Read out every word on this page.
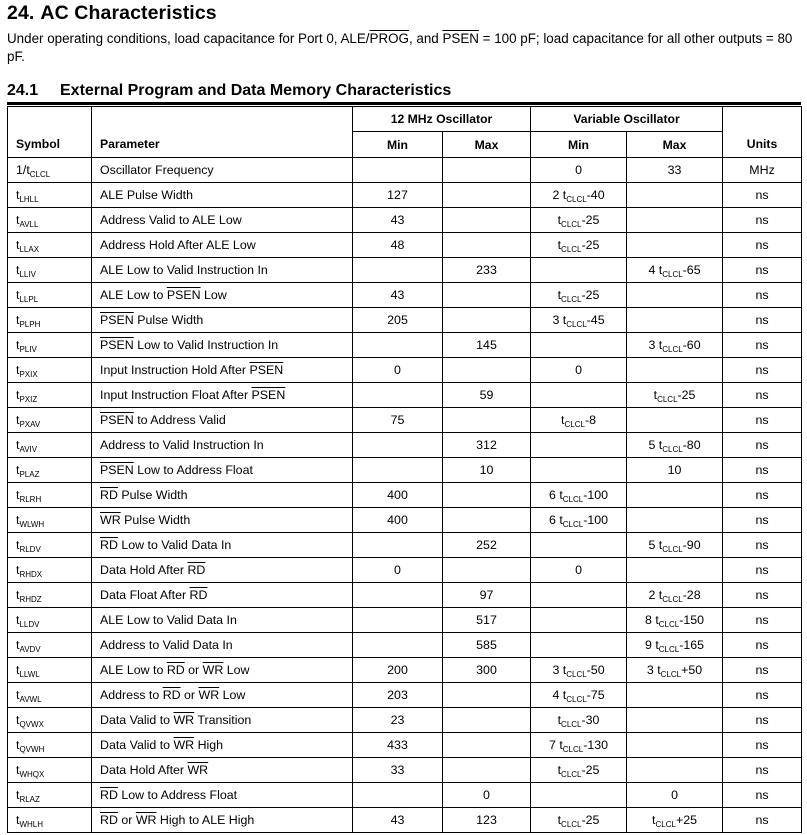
24. AC Characteristics

Under operating conditions, load capacitance for Port 0, ALE/PROG, and PSEN = 100 pF; load capacitance for all other outputs = 80 pF.

24.1 External Program and Data Memory Characteristics
Symbol	Parameter	12 MHz Oscillator		Variable Oscillator		Units
		Min	Max	Min	Max	
$1/t_{CLCL}$	Oscillator Frequency			0	33	MHz
$t_{LHLL}$	ALE Pulse Width	127		2 $t_{CLCL}-40$		ns
$t_{AVLL}$	Address Valid to ALE Low	43		$t_{CLCL}-25$		ns
$t_{LLAX}$	Address Hold After ALE Low	48		$t_{CLCL}-25$		ns
$t_{LLIV}$	ALE Low to Valid Instruction In		233		4 $t_{CLCL}-65$	ns
$t_{LLPL}$	ALE Low to PSEN Low	43		$t_{CLCL}-25$		ns
$t_{PLPH}$	PSEN Pulse Width	205		3 $t_{CLCL}-45$		ns
$t_{PLIV}$	PSEN Low to Valid Instruction In		145		3 $t_{CLCL}-60$	ns
$t_{PXIX}$	Input Instruction Hold After PSEN	0		0		ns
$t_{PXIZ}$	Input Instruction Float After PSEN		59		$t_{CLCL}-25$	ns
$t_{PXAV}$	PSEN to Address Valid	75		$t_{CLCL}-8$		ns
$t_{AVIV}$	Address to Valid Instruction In		312		5 $t_{CLCL}-80$	ns
$t_{PLAZ}$	PSEN Low to Address Float		10		10	ns
$t_{RLRH}$	$\overline{RD}$ Pulse Width	400		6 $t_{CLCL}-100$		ns
$t_{WLWH}$	$\overline{WR}$ Pulse Width	400		6 $t_{CLCL}-100$		ns
$t_{RLDV}$	$\overline{RD}$ Low to Valid Data In		252		5 $t_{CLCL}-90$	ns
$t_{RHDX}$	Data Hold After $\overline{RD}$	0		0		ns
$t_{RHDZ}$	Data Float After $\overline{RD}$		97		2 $t_{CLCL}-28$	ns
$t_{LLDV}$	ALE Low to Valid Data In		517		8 $t_{CLCL}-150$	ns
$t_{AVDV}$	Address to Valid Data In		585		9 $t_{CLCL}-165$	ns
$t_{LLWL}$	ALE Low to $\overline{RD}$ or $\overline{WR}$ Low	200	300	3 $t_{CLCL}-50$	3 $t_{CLCL}+50$	ns
$t_{AVWL}$	Address to $\overline{RD}$ or $\overline{WR}$ Low	203		4 $t_{CLCL}-75$		ns
$t_{QVWX}$	Data Valid to $\overline{WR}$ Transition	23		$t_{CLCL}-30$		ns
$t_{QVWH}$	Data Valid to $\overline{WR}$ High	433		7 $t_{CLCL}-130$		ns
$t_{WHQX}$	Data Hold After $\overline{WR}$	33		$t_{CLCL}-25$		ns
$t_{RLAZ}$	$\overline{RD}$ Low to Address Float		0		0	ns
$t_{WHLH}$	$\overline{RD}$ or $\overline{WR}$ High to ALE High	43	123	$t_{CLCL}-25$	$t_{CLCL}+25$	ns
